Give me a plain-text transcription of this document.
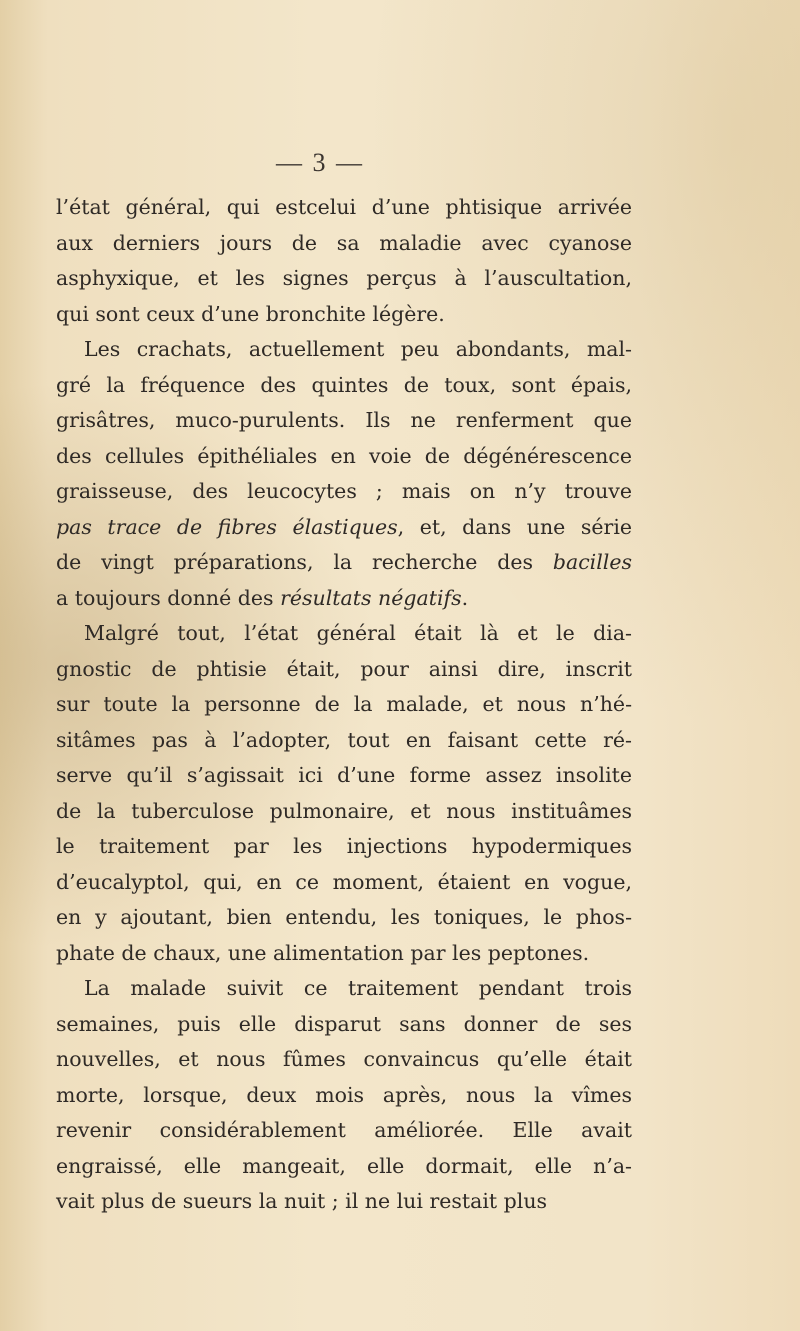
— 3 —
l’état général, qui estcelui d’une phtisique arrivée
aux derniers jours de sa maladie avec cyanose
asphyxique, et les signes perçus à l’auscultation,
qui sont ceux d’une bronchite légère.
Les crachats, actuellement peu abondants, mal-
gré la fréquence des quintes de toux, sont épais,
grisâtres, muco-purulents. Ils ne renferment que
des cellules épithéliales en voie de dégénérescence
graisseuse, des leucocytes ; mais on n’y trouve
pas trace de fibres élastiques, et, dans une série
de vingt préparations, la recherche des bacilles
a toujours donné des résultats négatifs.
Malgré tout, l’état général était là et le dia-
gnostic de phtisie était, pour ainsi dire, inscrit
sur toute la personne de la malade, et nous n’hé-
sitâmes pas à l’adopter, tout en faisant cette ré-
serve qu’il s’agissait ici d’une forme assez insolite
de la tuberculose pulmonaire, et nous instituâmes
le traitement par les injections hypodermiques
d’eucalyptol, qui, en ce moment, étaient en vogue,
en y ajoutant, bien entendu, les toniques, le phos-
phate de chaux, une alimentation par les peptones.
La malade suivit ce traitement pendant trois
semaines, puis elle disparut sans donner de ses
nouvelles, et nous fûmes convaincus qu’elle était
morte, lorsque, deux mois après, nous la vîmes
revenir considérablement améliorée. Elle avait
engraissé, elle mangeait, elle dormait, elle n’a-
vait plus de sueurs la nuit ; il ne lui restait plus
